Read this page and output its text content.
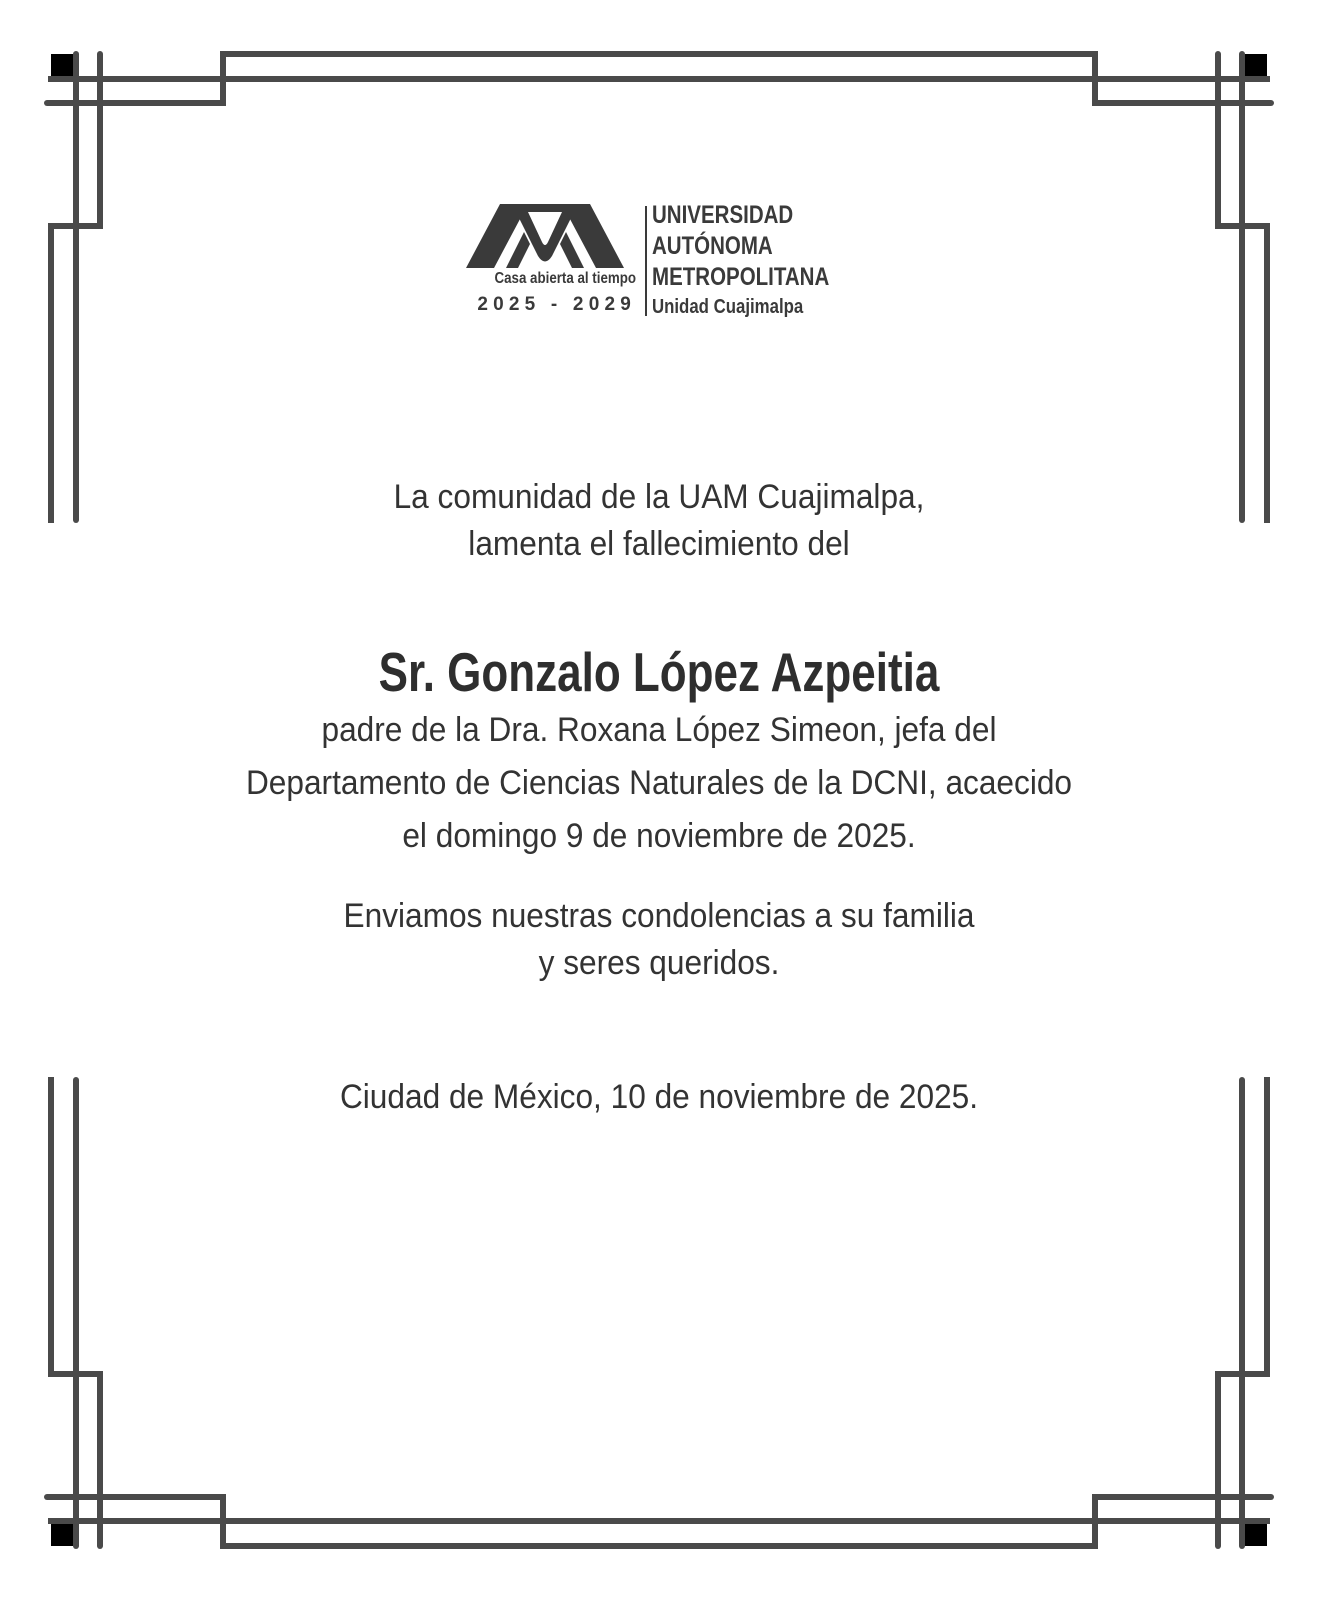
Casa abierta al tiempo
2025 - 2029
UNIVERSIDAD
AUTÓNOMA
METROPOLITANA
Unidad Cuajimalpa
La comunidad de la UAM Cuajimalpa,
lamenta el fallecimiento del
Sr. Gonzalo López Azpeitia
padre de la Dra. Roxana López Simeon, jefa del
Departamento de Ciencias Naturales de la DCNI, acaecido
el domingo 9 de noviembre de 2025.
Enviamos nuestras condolencias a su familia
y seres queridos.
Ciudad de México, 10 de noviembre de 2025.
